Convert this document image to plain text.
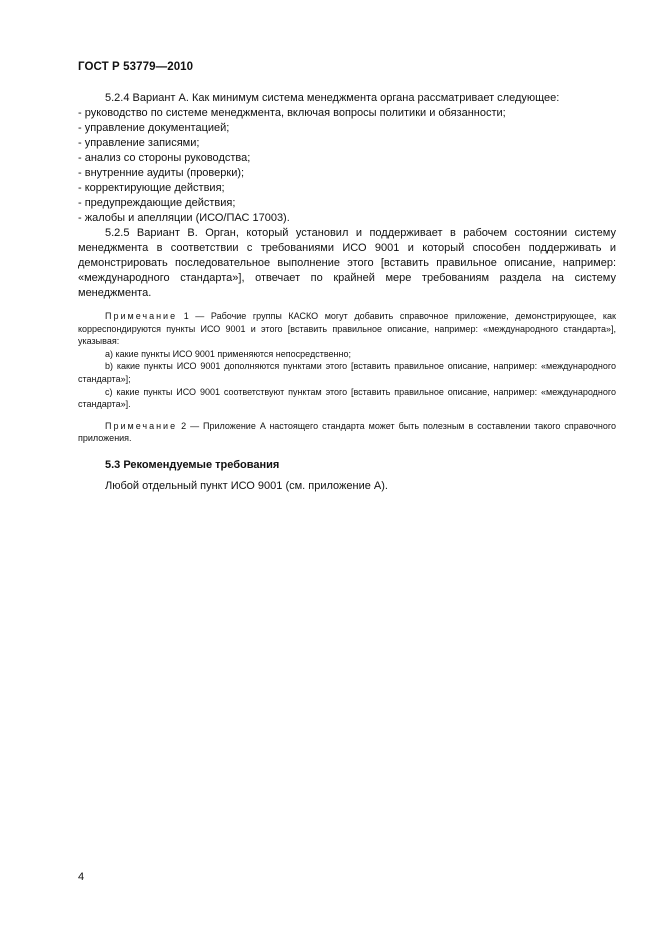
ГОСТ Р 53779—2010

5.2.4 Вариант A. Как минимум система менеджмента органа рассматривает следующее:

- руководство по системе менеджмента, включая вопросы политики и обязанности;
- управление документацией;
- управление записями;
- анализ со стороны руководства;
- внутренние аудиты (проверки);
- корректирующие действия;
- предупреждающие действия;
- жалобы и апелляции (ИСО/ПАС 17003).

5.2.5 Вариант B. Орган, который установил и поддерживает в рабочем состоянии систему менеджмента в соответствии с требованиями ИСО 9001 и который способен поддерживать и демонстрировать последовательное выполнение этого [вставить правильное описание, например: «международного стандарта»], отвечает по крайней мере требованиям раздела на систему менеджмента.

Примечание 1 — Рабочие группы КАСКО могут добавить справочное приложение, демонстрирующее, как корреспондируются пункты ИСО 9001 и этого [вставить правильное описание, например: «международного стандарта»], указывая:

a) какие пункты ИСО 9001 применяются непосредственно;

b) какие пункты ИСО 9001 дополняются пунктами этого [вставить правильное описание, например: «международного стандарта»];

c) какие пункты ИСО 9001 соответствуют пунктам этого [вставить правильное описание, например: «международного стандарта»].

Примечание 2 — Приложение A настоящего стандарта может быть полезным в составлении такого справочного приложения.

5.3 Рекомендуемые требования

Любой отдельный пункт ИСО 9001 (см. приложение A).

4
